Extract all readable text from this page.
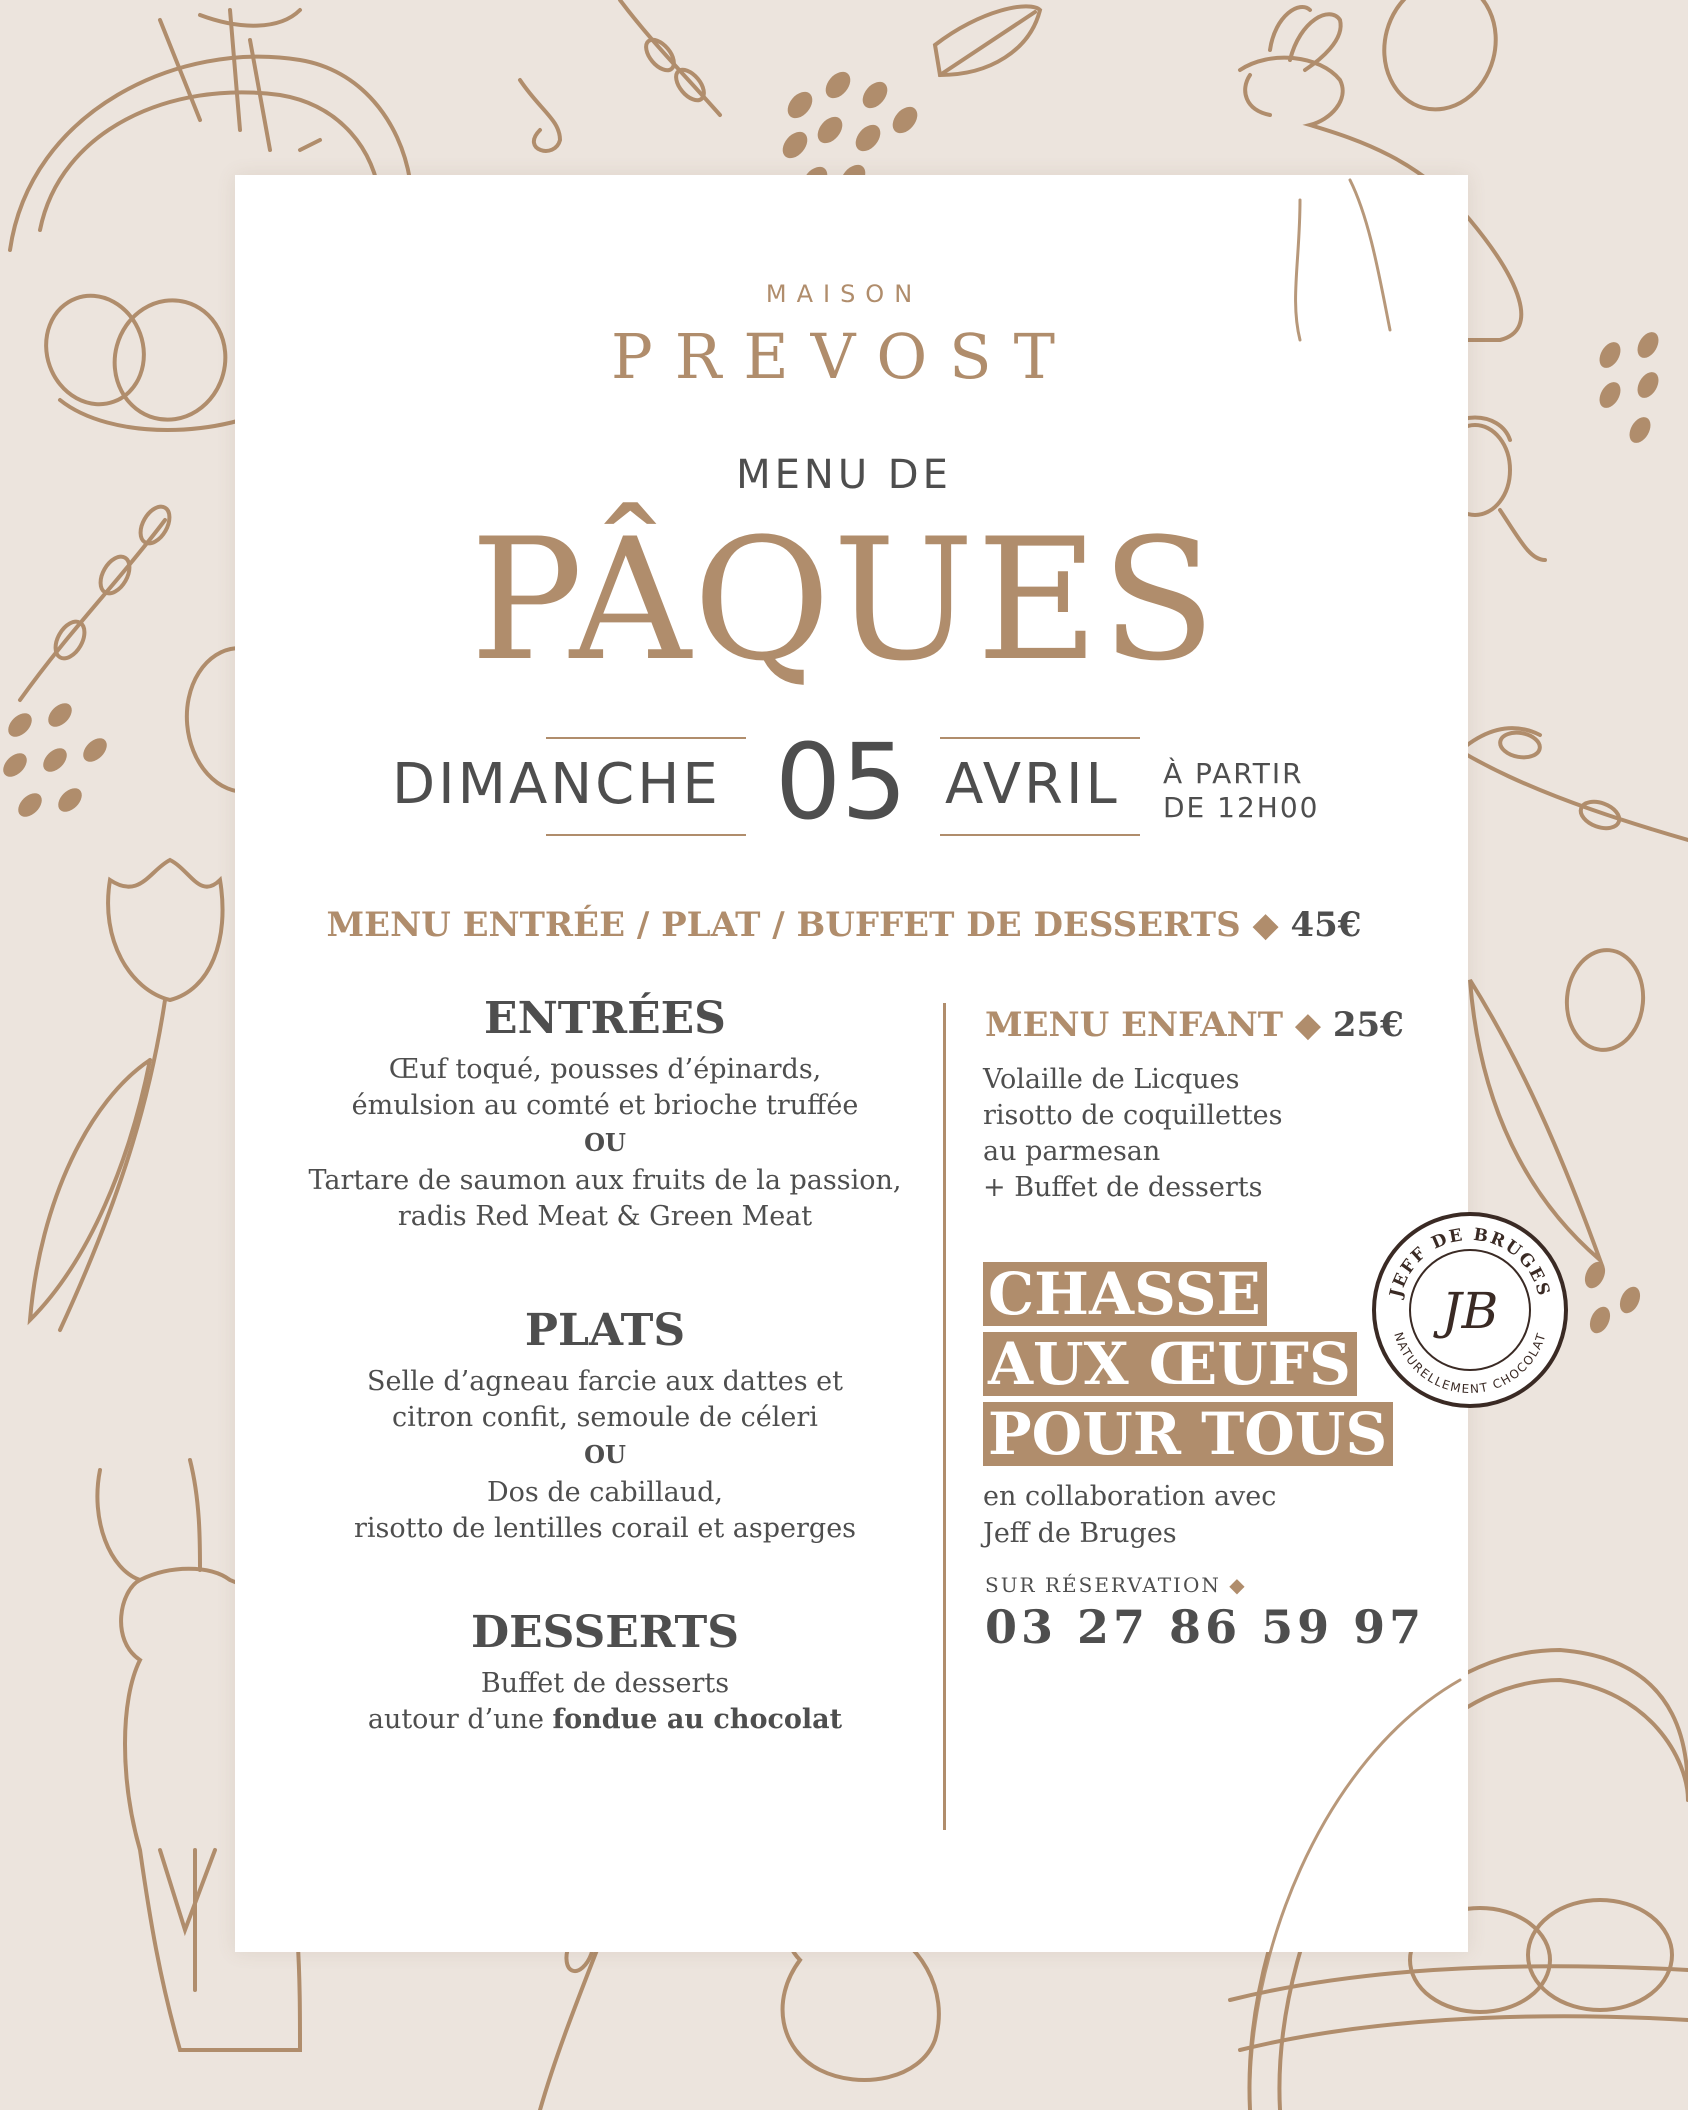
MAISON
PREVOST
MENU DE
PÂQUES
DIMANCHE 05 AVRIL À PARTIR
DE 12H00
MENU ENTRÉE / PLAT / BUFFET DE DESSERTS ◆ 45€
ENTRÉES
Œuf toqué, pousses d’épinards,
émulsion au comté et brioche truffée
OU
Tartare de saumon aux fruits de la passion,
radis Red Meat & Green Meat
PLATS
Selle d’agneau farcie aux dattes et
citron confit, semoule de céleri
OU
Dos de cabillaud,
risotto de lentilles corail et asperges
DESSERTS
Buffet de desserts
autour d’une fondue au chocolat
MENU ENFANT ◆ 25€
Volaille de Licques
risotto de coquillettes
au parmesan
+ Buffet de desserts
CHASSE
AUX ŒUFS
POUR TOUS
en collaboration avec
Jeff de Bruges
SUR RÉSERVATION ◆
03 27 86 59 97
JEFF DE BRUGES
NATURELLEMENT CHOCOLAT
JB
